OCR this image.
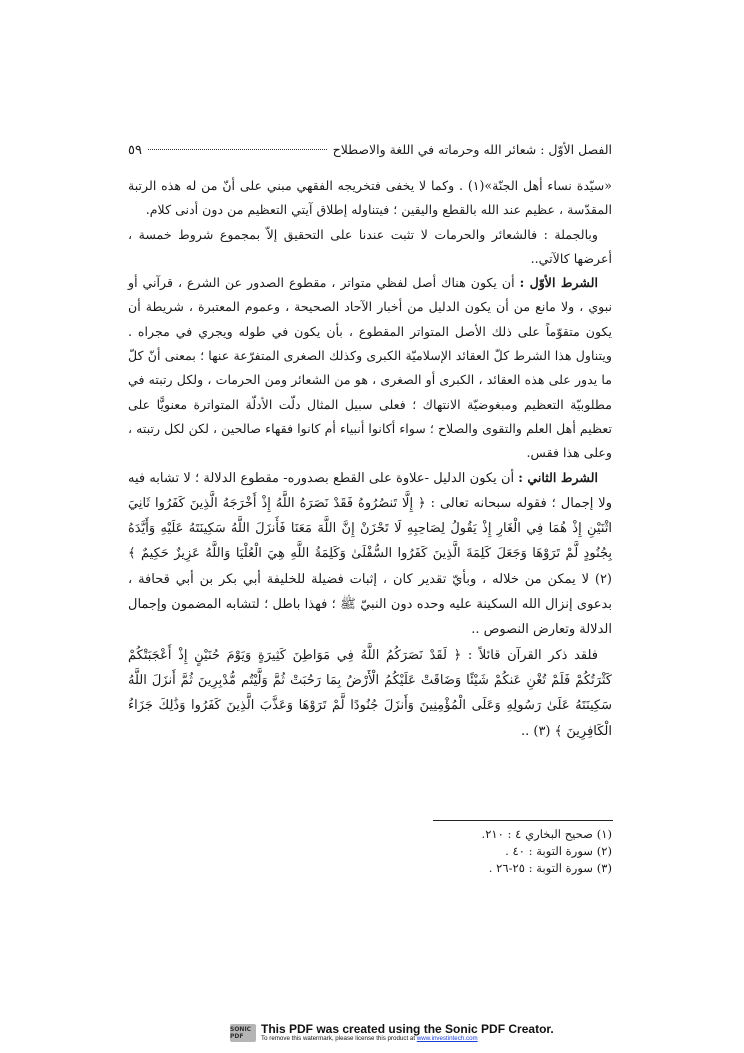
الفصل الأوّل : شعائر الله وحرماته في اللغة والاصطلاح
٥٩

«سيّدة نساء أهل الجنّة»(١) . وكما لا يخفى فتخريجه الفقهي مبني على أنّ من له هذه الرتبة المقدّسة ، عظيم عند الله بالقطع واليقين ؛ فيتناوله إطلاق آيتي التعظيم من دون أدنى كلام.

وبالجملة : فالشعائر والحرمات لا تثبت عندنا على التحقيق إلاّ بمجموع شروط خمسة ، أعرضها كالآتي..

الشرط الأوّل : أن يكون هناك أصل لفظي متواتر ، مقطوع الصدور عن الشرع ، قرآني أو نبوي ، ولا مانع من أن يكون الدليل من أخبار الآحاد الصحيحة ، وعموم المعتبرة ، شريطة أن يكون متقوّماً على ذلك الأصل المتواتر المقطوع ، بأن يكون في طوله ويجري في مجراه . ويتناول هذا الشرط كلّ العقائد الإسلاميّة الكبرى وكذلك الصغرى المتفرّعة عنها ؛ بمعنى أنّ كلّ ما يدور على هذه العقائد ، الكبرى أو الصغرى ، هو من الشعائر ومن الحرمات ، ولكل رتبته في مطلوبيّة التعظيم ومبغوضيّة الانتهاك ؛ فعلى سبيل المثال دلّت الأدلّة المتواترة معنويًّا على تعظيم أهل العلم والتقوى والصلاح ؛ سواء أكانوا أنبياء أم كانوا فقهاء صالحين ، لكن لكل رتبته ، وعلى هذا فقس.

الشرط الثاني : أن يكون الدليل -علاوة على القطع بصدوره- مقطوع الدلالة ؛ لا تشابه فيه ولا إجمال ؛ فقوله سبحانه تعالى : ﴿ إِلَّا تَنصُرُوهُ فَقَدْ نَصَرَهُ اللَّهُ إِذْ أَخْرَجَهُ الَّذِينَ كَفَرُوا ثَانِيَ اثْنَيْنِ إِذْ هُمَا فِي الْغَارِ إِذْ يَقُولُ لِصَاحِبِهِ لَا تَحْزَنْ إِنَّ اللَّهَ مَعَنَا فَأَنزَلَ اللَّهُ سَكِينَتَهُ عَلَيْهِ وَأَيَّدَهُ بِجُنُودٍ لَّمْ تَرَوْهَا وَجَعَلَ كَلِمَةَ الَّذِينَ كَفَرُوا السُّفْلَىٰ وَكَلِمَةُ اللَّهِ هِيَ الْعُلْيَا وَاللَّهُ عَزِيزٌ حَكِيمٌ ﴾ (٢) لا يمكن من خلاله ، وبأيّ تقدير كان ، إثبات فضيلة للخليفة أبي بكر بن أبي قحافة ، بدعوى إنزال الله السكينة عليه وحده دون النبيّ ﷺ ؛ فهذا باطل ؛ لتشابه المضمون وإجمال الدلالة وتعارض النصوص ..

فلقد ذكر القرآن قائلاً : ﴿ لَقَدْ نَصَرَكُمُ اللَّهُ فِي مَوَاطِنَ كَثِيرَةٍ وَيَوْمَ حُنَيْنٍ إِذْ أَعْجَبَتْكُمْ كَثْرَتُكُمْ فَلَمْ تُغْنِ عَنكُمْ شَيْئًا وَضَاقَتْ عَلَيْكُمُ الْأَرْضُ بِمَا رَحُبَتْ ثُمَّ وَلَّيْتُم مُّدْبِرِينَ ثُمَّ أَنزَلَ اللَّهُ سَكِينَتَهُ عَلَىٰ رَسُولِهِ وَعَلَى الْمُؤْمِنِينَ وَأَنزَلَ جُنُودًا لَّمْ تَرَوْهَا وَعَذَّبَ الَّذِينَ كَفَرُوا وَذَٰلِكَ جَزَاءُ الْكَافِرِينَ ﴾ (٣) ..

(١) صحيح البخاري ٤ : ٢١٠.

(٢) سورة التوبة : ٤٠ .

(٣) سورة التوبة : ٢٥-٢٦ .

SONIC PDF
This PDF was created using the Sonic PDF Creator.
To remove this watermark, please license this product at www.investintech.com
